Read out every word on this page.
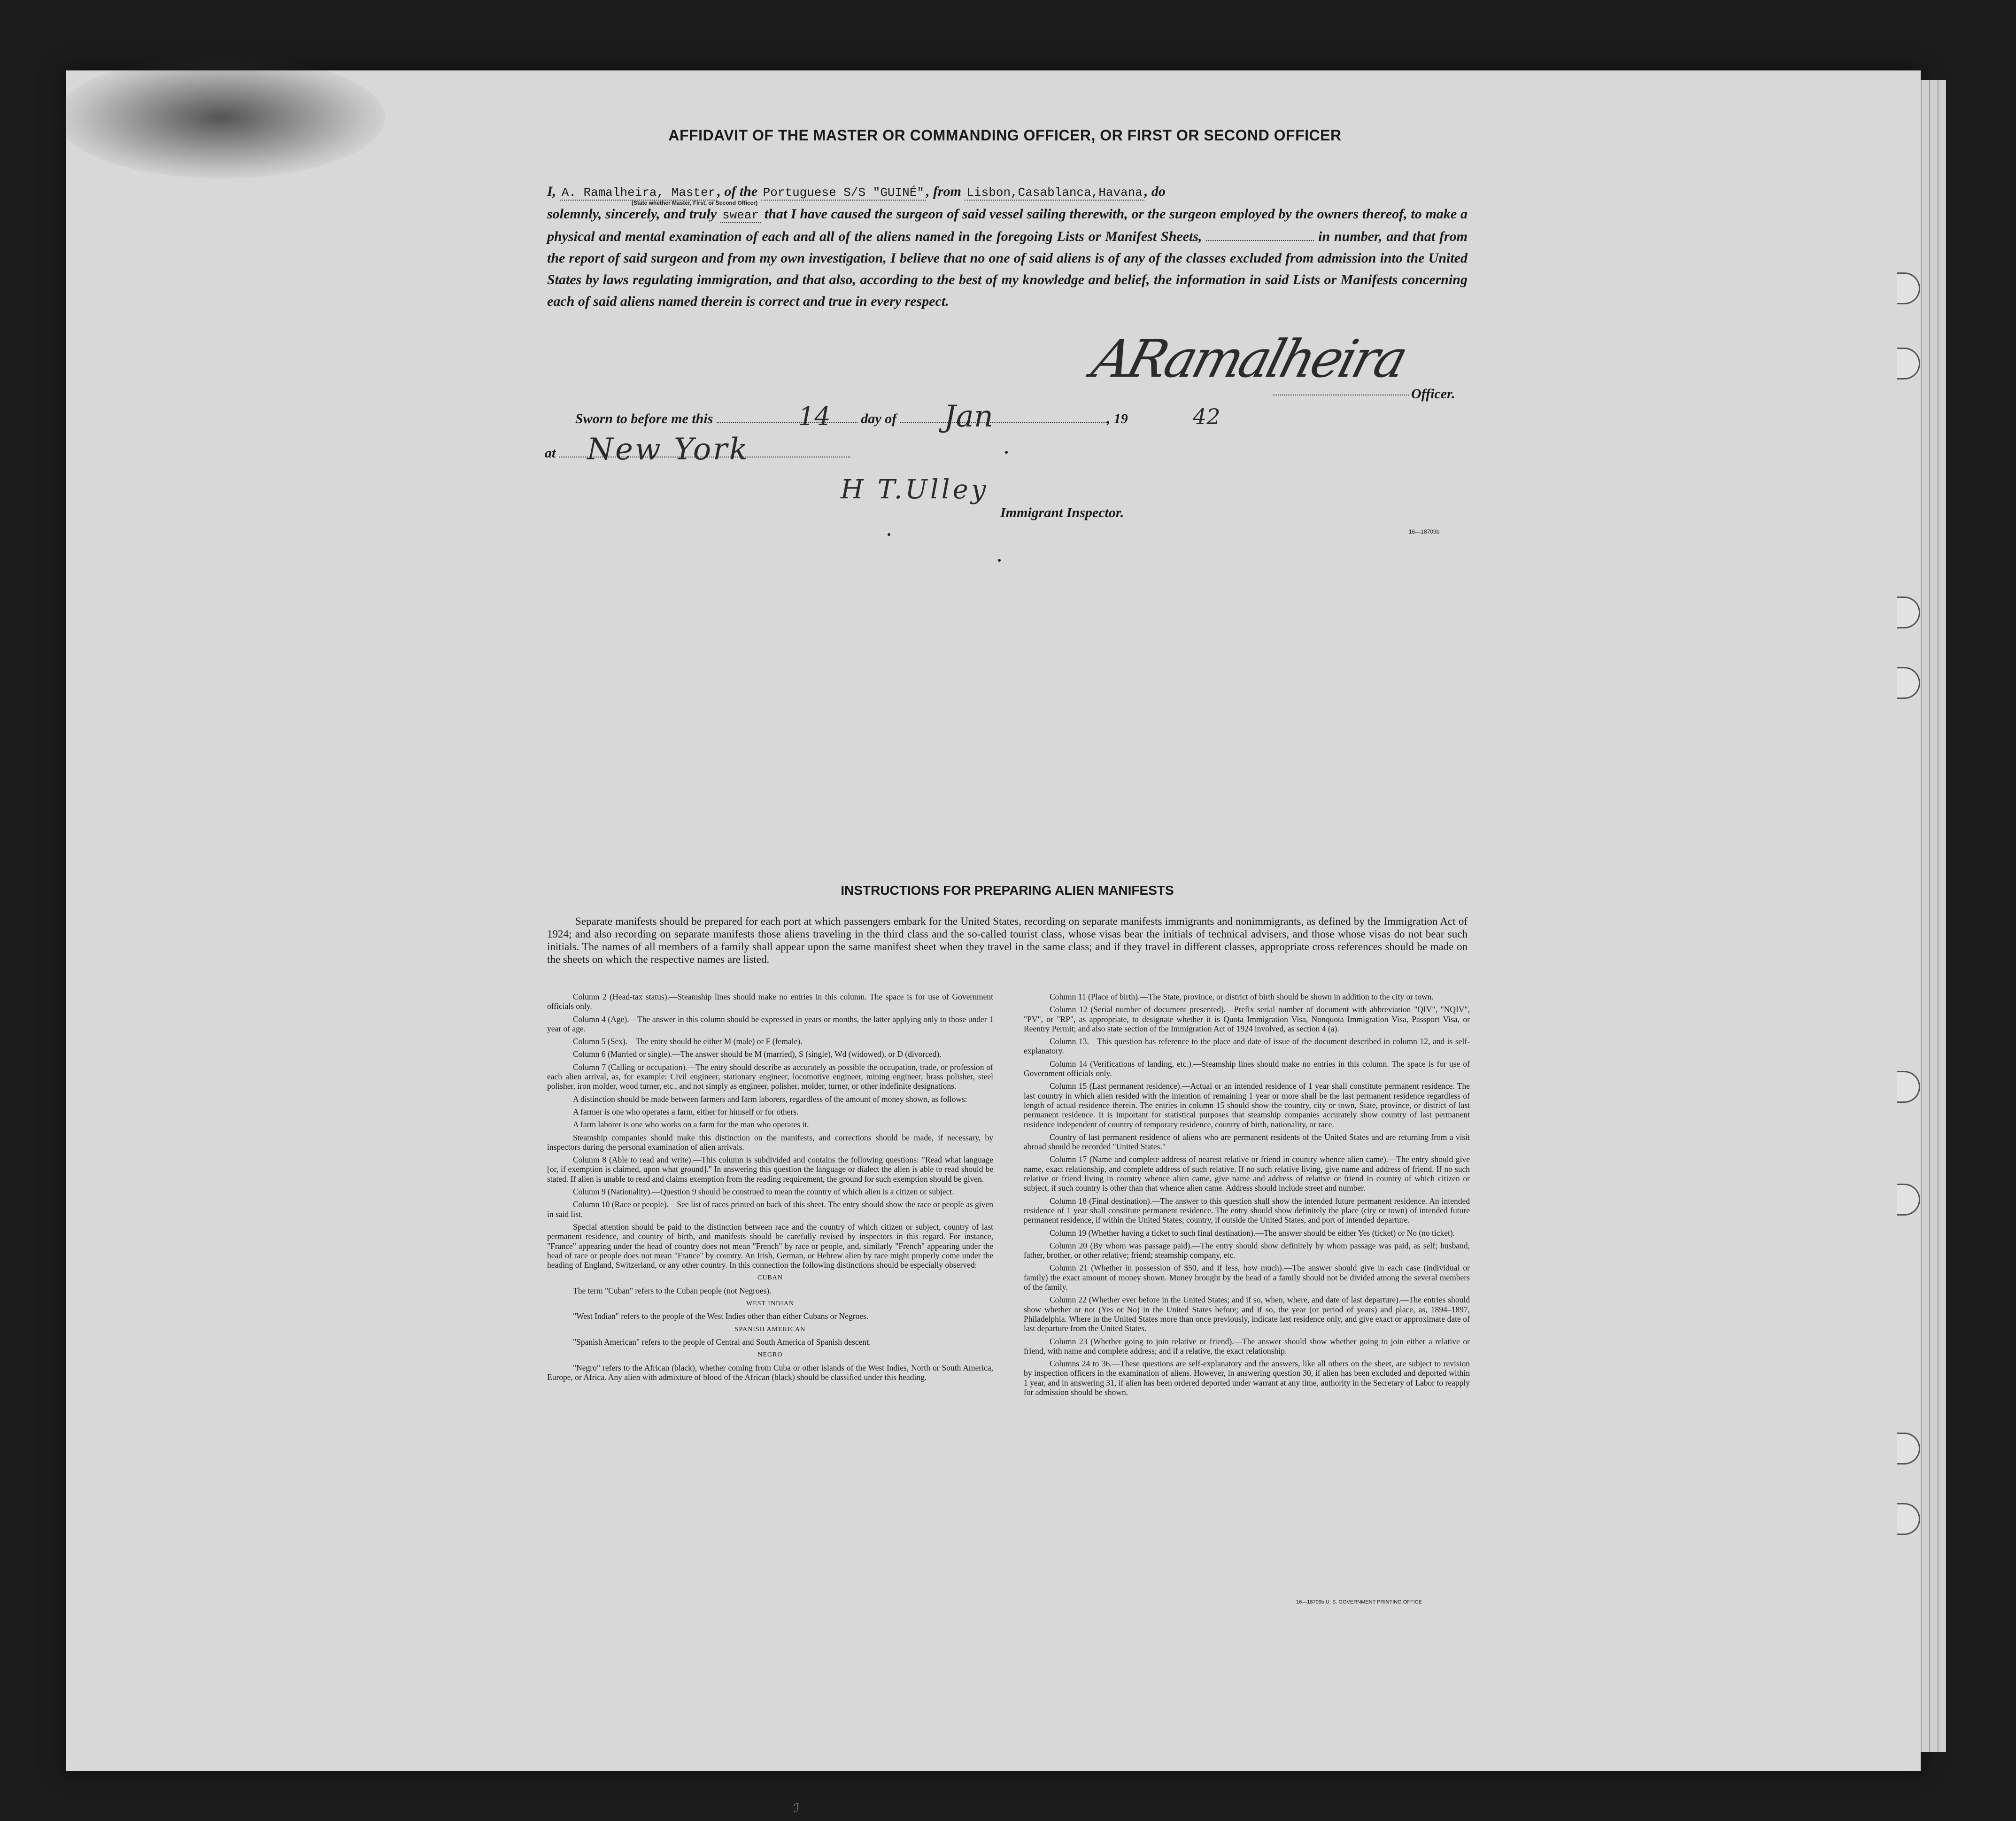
AFFIDAVIT OF THE MASTER OR COMMANDING OFFICER, OR FIRST OR SECOND OFFICER
I, A. Ramalheira, Master , of the Portuguese S/S "GUINÉ" , from Lisbon,Casablanca,Havana , do
solemnly, sincerely, and truly swear that I have caused the surgeon of said vessel sailing therewith, or the surgeon employed by the owners thereof, to make a physical and mental examination of each and all of the aliens named in the foregoing Lists or Manifest Sheets,	in number, and that from the report of said surgeon and from my own investigation, I believe that no one of said aliens is of any of the classes excluded from admission into the United States by laws regulating immigration, and that also, according to the best of my knowledge and belief, the information in said Lists or Manifests concerning each of said aliens named therein is correct and true in every respect.
(State whether Master, First, or Second Officer)
ARamalheira
Officer.
Sworn to before me this	day of	, 19
14	Jan	42
at	New York
H T.Ulley
Immigrant Inspector.
16—18709b
INSTRUCTIONS FOR PREPARING ALIEN MANIFESTS
Separate manifests should be prepared for each port at which passengers embark for the United States, recording on separate manifests immigrants and nonimmigrants, as defined by the Immigration Act of 1924; and also recording on separate manifests those aliens traveling in the third class and the so-called tourist class, whose visas bear the initials of technical advisers, and those whose visas do not bear such initials. The names of all members of a family shall appear upon the same manifest sheet when they travel in the same class; and if they travel in different classes, appropriate cross references should be made on the sheets on which the respective names are listed.

Column 2 (Head-tax status).—Steamship lines should make no entries in this column. The space is for use of Government officials only.

Column 4 (Age).—The answer in this column should be expressed in years or months, the latter applying only to those under 1 year of age.

Column 5 (Sex).—The entry should be either M (male) or F (female).

Column 6 (Married or single).—The answer should be M (married), S (single), Wd (widowed), or D (divorced).

Column 7 (Calling or occupation).—The entry should describe as accurately as possible the occupation, trade, or profession of each alien arrival, as, for example: Civil engineer, stationary engineer, locomotive engineer, mining engineer, brass polisher, steel polisher, iron molder, wood turner, etc., and not simply as engineer, polisher, molder, turner, or other indefinite designations.

A distinction should be made between farmers and farm laborers, regardless of the amount of money shown, as follows:

A farmer is one who operates a farm, either for himself or for others.

A farm laborer is one who works on a farm for the man who operates it.

Steamship companies should make this distinction on the manifests, and corrections should be made, if necessary, by inspectors during the personal examination of alien arrivals.

Column 8 (Able to read and write).—This column is subdivided and contains the following questions: "Read what language [or, if exemption is claimed, upon what ground]." In answering this question the language or dialect the alien is able to read should be stated. If alien is unable to read and claims exemption from the reading requirement, the ground for such exemption should be given.

Column 9 (Nationality).—Question 9 should be construed to mean the country of which alien is a citizen or subject.

Column 10 (Race or people).—See list of races printed on back of this sheet. The entry should show the race or people as given in said list.

Special attention should be paid to the distinction between race and the country of which citizen or subject, country of last permanent residence, and country of birth, and manifests should be carefully revised by inspectors in this regard. For instance, "France" appearing under the head of country does not mean "French" by race or people, and, similarly "French" appearing under the head of race or people does not mean "France" by country. An Irish, German, or Hebrew alien by race might properly come under the heading of England, Switzerland, or any other country. In this connection the following distinctions should be especially observed:

CUBAN

The term "Cuban" refers to the Cuban people (not Negroes).

WEST INDIAN

"West Indian" refers to the people of the West Indies other than either Cubans or Negroes.

SPANISH AMERICAN

"Spanish American" refers to the people of Central and South America of Spanish descent.

NEGRO

"Negro" refers to the African (black), whether coming from Cuba or other islands of the West Indies, North or South America, Europe, or Africa. Any alien with admixture of blood of the African (black) should be classified under this heading.

Column 11 (Place of birth).—The State, province, or district of birth should be shown in addition to the city or town.

Column 12 (Serial number of document presented).—Prefix serial number of document with abbreviation "QIV", "NQIV", "PV", or "RP", as appropriate, to designate whether it is Quota Immigration Visa, Nonquota Immigration Visa, Passport Visa, or Reentry Permit; and also state section of the Immigration Act of 1924 involved, as section 4 (a).

Column 13.—This question has reference to the place and date of issue of the document described in column 12, and is self-explanatory.

Column 14 (Verifications of landing, etc.).—Steamship lines should make no entries in this column. The space is for use of Government officials only.

Column 15 (Last permanent residence).—Actual or an intended residence of 1 year shall constitute permanent residence. The last country in which alien resided with the intention of remaining 1 year or more shall be the last permanent residence regardless of length of actual residence therein. The entries in column 15 should show the country, city or town, State, province, or district of last permanent residence. It is important for statistical purposes that steamship companies accurately show country of last permanent residence independent of country of temporary residence, country of birth, nationality, or race.

Country of last permanent residence of aliens who are permanent residents of the United States and are returning from a visit abroad should be recorded "United States."

Column 17 (Name and complete address of nearest relative or friend in country whence alien came).—The entry should give name, exact relationship, and complete address of such relative. If no such relative living, give name and address of friend. If no such relative or friend living in country whence alien came, give name and address of relative or friend in country of which citizen or subject, if such country is other than that whence alien came. Address should include street and number.

Column 18 (Final destination).—The answer to this question shall show the intended future permanent residence. An intended residence of 1 year shall constitute permanent residence. The entry should show definitely the place (city or town) of intended future permanent residence, if within the United States; country, if outside the United States, and port of intended departure.

Column 19 (Whether having a ticket to such final destination).—The answer should be either Yes (ticket) or No (no ticket).

Column 20 (By whom was passage paid).—The entry should show definitely by whom passage was paid, as self; husband, father, brother, or other relative; friend; steamship company, etc.

Column 21 (Whether in possession of $50, and if less, how much).—The answer should give in each case (individual or family) the exact amount of money shown. Money brought by the head of a family should not be divided among the several members of the family.

Column 22 (Whether ever before in the United States; and if so, when, where, and date of last departure).—The entries should show whether or not (Yes or No) in the United States before; and if so, the year (or period of years) and place, as, 1894–1897, Philadelphia. Where in the United States more than once previously, indicate last residence only, and give exact or approximate date of last departure from the United States.

Column 23 (Whether going to join relative or friend).—The answer should show whether going to join either a relative or friend, with name and complete address; and if a relative, the exact relationship.

Columns 24 to 36.—These questions are self-explanatory and the answers, like all others on the sheet, are subject to revision by inspection officers in the examination of aliens. However, in answering question 30, if alien has been excluded and deported within 1 year, and in answering 31, if alien has been ordered deported under warrant at any time, authority in the Secretary of Labor to reapply for admission should be shown.

16—18709b U. S. GOVERNMENT PRINTING OFFICE
ℐ
